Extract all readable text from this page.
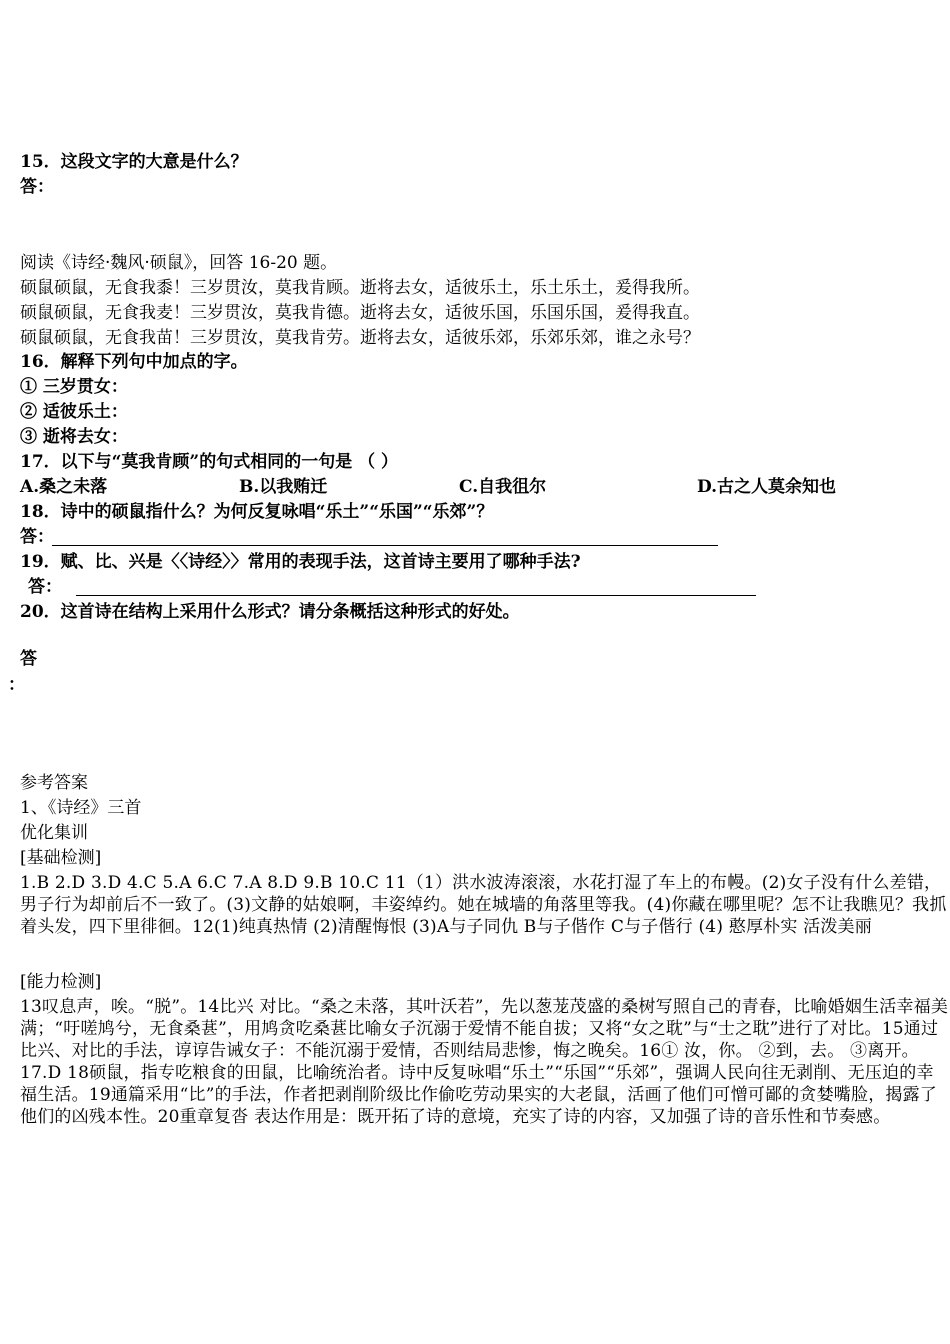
15．这段文字的大意是什么？
答：
阅读《诗经·魏风·硕鼠》，回答 16-20 题。
硕鼠硕鼠，无食我黍！三岁贯汝，莫我肯顾。逝将去女，适彼乐土，乐土乐土，爰得我所。
硕鼠硕鼠，无食我麦！三岁贯汝，莫我肯德。逝将去女，适彼乐国，乐国乐国，爰得我直。
硕鼠硕鼠，无食我苗！三岁贯汝，莫我肯劳。逝将去女，适彼乐郊，乐郊乐郊，谁之永号？
16．解释下列句中加点的字。
① 三岁贯女：
② 适彼乐土：
③ 逝将去女：
17．以下与“莫我肯顾”的句式相同的一句是 （ ）
A.桑之未落	B.以我贿迁	C.自我徂尔	D.古之人莫余知也
18．诗中的硕鼠指什么？为何反复咏唱“乐土”“乐国”“乐郊”？
答：
19．赋、比、兴是〈〈诗经〉〉常用的表现手法，这首诗主要用了哪种手法?
答：
20．这首诗在结构上采用什么形式？请分条概括这种形式的好处。
答
：
参考答案
1、《诗经》三首
优化集训
[基础检测]
1.B 2.D 3.D 4.C 5.A 6.C 7.A 8.D 9.B 10.C 11（1）洪水波涛滚滚，水花打湿了车上的布幔。(2)女子没有什么差错，男子行为却前后不一致了。(3)文静的姑娘啊，丰姿绰约。她在城墙的角落里等我。(4)你藏在哪里呢？怎不让我瞧见？我抓着头发，四下里徘徊。12(1)纯真热情 (2)清醒悔恨 (3)A与子同仇 B与子偕作 C与子偕行 (4) 憨厚朴实 活泼美丽
[能力检测]
13叹息声，唉。“脱”。14比兴 对比。“桑之未落，其叶沃若”，先以葱茏茂盛的桑树写照自己的青春，比喻婚姻生活幸福美满；“吁嗟鸠兮，无食桑葚”，用鸠贪吃桑葚比喻女子沉溺于爱情不能自拔；又将“女之耽”与“士之耽”进行了对比。15通过比兴、对比的手法，谆谆告诫女子：不能沉溺于爱情，否则结局悲惨，悔之晚矣。16① 汝，你。 ②到，去。 ③离开。 17.D 18硕鼠，指专吃粮食的田鼠，比喻统治者。诗中反复咏唱“乐土”“乐国”“乐郊”，强调人民向往无剥削、无压迫的幸福生活。19通篇采用“比”的手法，作者把剥削阶级比作偷吃劳动果实的大老鼠，活画了他们可憎可鄙的贪婪嘴脸，揭露了他们的凶残本性。20重章复沓 表达作用是：既开拓了诗的意境，充实了诗的内容，又加强了诗的音乐性和节奏感。
